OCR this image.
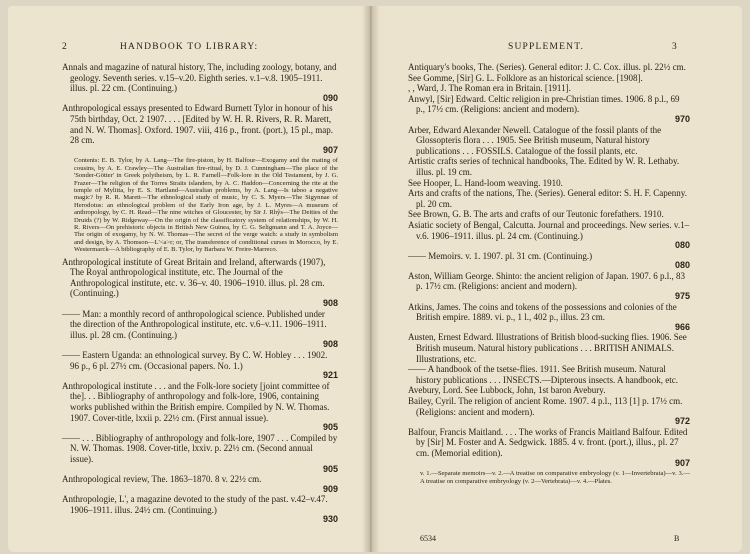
2	HANDBOOK TO LIBRARY:
Annals and magazine of natural history, The, including zoology, botany, and geology. Seventh series. v.15–v.20. Eighth series. v.1–v.8. 1905–1911. illus. pl. 22 cm. (Continuing.)
090
Anthropological essays presented to Edward Burnett Tylor in honour of his 75th birthday, Oct. 2 1907. . . . [Edited by W. H. R. Rivers, R. R. Marett, and N. W. Thomas]. Oxford. 1907. viii, 416 p., front. (port.), 15 pl., map. 28 cm.
907
Contents: E. B. Tylor, by A. Lang—The fire-piston, by H. Balfour—Exogamy and the mating of cousins, by A. E. Crawley—The Australian fire-ritual, by D. J. Cunningham—The place of the 'Sonder-Götter' in Greek polytheism, by L. R. Farnell—Folk-lore in the Old Testament, by J. G. Frazer—The religion of the Torres Straits islanders, by A. C. Haddon—Concerning the rite at the temple of Mylitta, by E. S. Hartland—Australian problems, by A. Lang—Is taboo a negative magic? by R. R. Marett—The ethnological study of music, by C. S. Myers—The Sigynnae of Herodotus: an ethnological problem of the Early Iron age, by J. L. Myres—A museum of anthropology, by C. H. Read—The nine witches of Gloucester, by Sir J. Rhŷs—The Deities of the Druids (?) by W. Ridgeway—On the origin of the classificatory system of relationships, by W. H. R. Rivers—On prehistoric objects in British New Guinea, by C. G. Seligmann and T. A. Joyce—The origin of exogamy, by N. W. Thomas—The secret of the verge watch: a study in symbolism and design, by A. Thomson—L'<a>r; or, The transference of conditional curses in Morocco, by E. Westermarck—A bibliography of E. B. Tylor, by Barbara W. Freire-Marreco.
Anthropological institute of Great Britain and Ireland, afterwards (1907), The Royal anthropological institute, etc. The Journal of the Anthropological institute, etc. v. 36–v. 40. 1906–1910. illus. pl. 28 cm. (Continuing.)
908
—— Man: a monthly record of anthropological science. Published under the direction of the Anthropological institute, etc. v.6–v.11. 1906–1911. illus. pl. 28 cm. (Continuing.)
908
—— Eastern Uganda: an ethnological survey. By C. W. Hobley . . . 1902. 96 p., 6 pl. 27½ cm. (Occasional papers. No. 1.)
921
Anthropological institute . . . and the Folk-lore society [joint committee of the]. . . Bibliography of anthropology and folk-lore, 1906, containing works published within the British empire. Compiled by N. W. Thomas. 1907. Cover-title, lxxii p. 22½ cm. (First annual issue).
905
—— . . . Bibliography of anthropology and folk-lore, 1907 . . . Compiled by N. W. Thomas. 1908. Cover-title, lxxiv. p. 22½ cm. (Second annual issue).
905
Anthropological review, The. 1863–1870. 8 v. 22½ cm.
909
Anthropologie, L', a magazine devoted to the study of the past. v.42–v.47. 1906–1911. illus. 24½ cm. (Continuing.)
930
SUPPLEMENT.	3
Antiquary's books, The. (Series). General editor: J. C. Cox. illus. pl. 22½ cm.
See Gomme, [Sir] G. L. Folklore as an historical science. [1908].
, , Ward, J. The Roman era in Britain. [1911].
Anwyl, [Sir] Edward. Celtic religion in pre-Christian times. 1906. 8 p.l., 69 p., 17½ cm. (Religions: ancient and modern).
970
Arber, Edward Alexander Newell. Catalogue of the fossil plants of the Glossopteris flora . . . 1905. See British museum, Natural history publications . . . FOSSILS. Catalogue of the fossil plants, etc.
Artistic crafts series of technical handbooks, The. Edited by W. R. Lethaby. illus. pl. 19 cm.
See Hooper, L. Hand-loom weaving. 1910.
Arts and crafts of the nations, The. (Series). General editor: S. H. F. Capenny. pl. 20 cm.
See Brown, G. B. The arts and crafts of our Teutonic forefathers. 1910.
Asiatic society of Bengal, Calcutta. Journal and proceedings. New series. v.1–v.6. 1906–1911. illus. pl. 24 cm. (Continuing.)
080
—— Memoirs. v. 1. 1907. pl. 31 cm. (Continuing.)
080
Aston, William George. Shinto: the ancient religion of Japan. 1907. 6 p.l., 83 p. 17½ cm. (Religions: ancient and modern).
975
Atkins, James. The coins and tokens of the possessions and colonies of the British empire. 1889. vi. p., 1 l., 402 p., illus. 23 cm.
966
Austen, Ernest Edward. Illustrations of British blood-sucking flies. 1906. See British museum. Natural history publications . . . BRITISH ANIMALS. Illustrations, etc.
—— A handbook of the tsetse-flies. 1911. See British museum. Natural history publications . . . INSECTS.—Dipterous insects. A handbook, etc.
Avebury, Lord. See Lubbock, John, 1st baron Avebury.
Bailey, Cyril. The religion of ancient Rome. 1907. 4 p.l., 113 [1] p. 17½ cm. (Religions: ancient and modern).
972
Balfour, Francis Maitland. . . . The works of Francis Maitland Balfour. Edited by [Sir] M. Foster and A. Sedgwick. 1885. 4 v. front. (port.), illus., pl. 27 cm. (Memorial edition).
907
v. 1.—Separate memoirs—v. 2.—A treatise on comparative embryology (v. 1—Invertebrata)—v. 3.—A treatise on comparative embryology (v. 2—Vertebrata)—v. 4.—Plates.
6534	B
